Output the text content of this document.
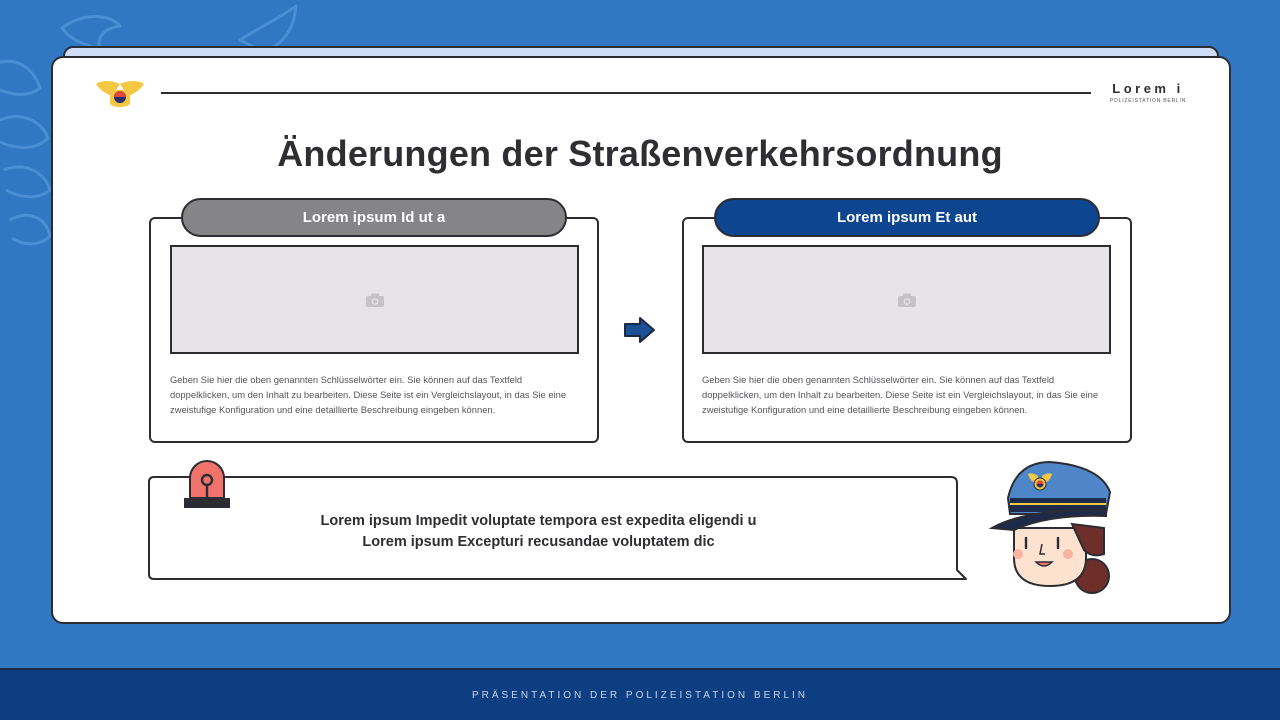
Lorem i
POLIZEISTATION BERLIN
Änderungen der Straßenverkehrsordnung
Lorem ipsum Id ut a	Lorem ipsum Et aut

Geben Sie hier die oben genannten Schlüsselwörter ein. Sie können auf das Textfeld doppelklicken, um den Inhalt zu bearbeiten. Diese Seite ist ein Vergleichslayout, in das Sie eine zweistufige Konfiguration und eine detaillierte Beschreibung eingeben können.

Geben Sie hier die oben genannten Schlüsselwörter ein. Sie können auf das Textfeld doppelklicken, um den Inhalt zu bearbeiten. Diese Seite ist ein Vergleichslayout, in das Sie eine zweistufige Konfiguration und eine detaillierte Beschreibung eingeben können.

Lorem ipsum Impedit voluptate tempora est expedita eligendi u
Lorem ipsum Excepturi recusandae voluptatem dic
PRÄSENTATION DER POLIZEISTATION BERLIN
